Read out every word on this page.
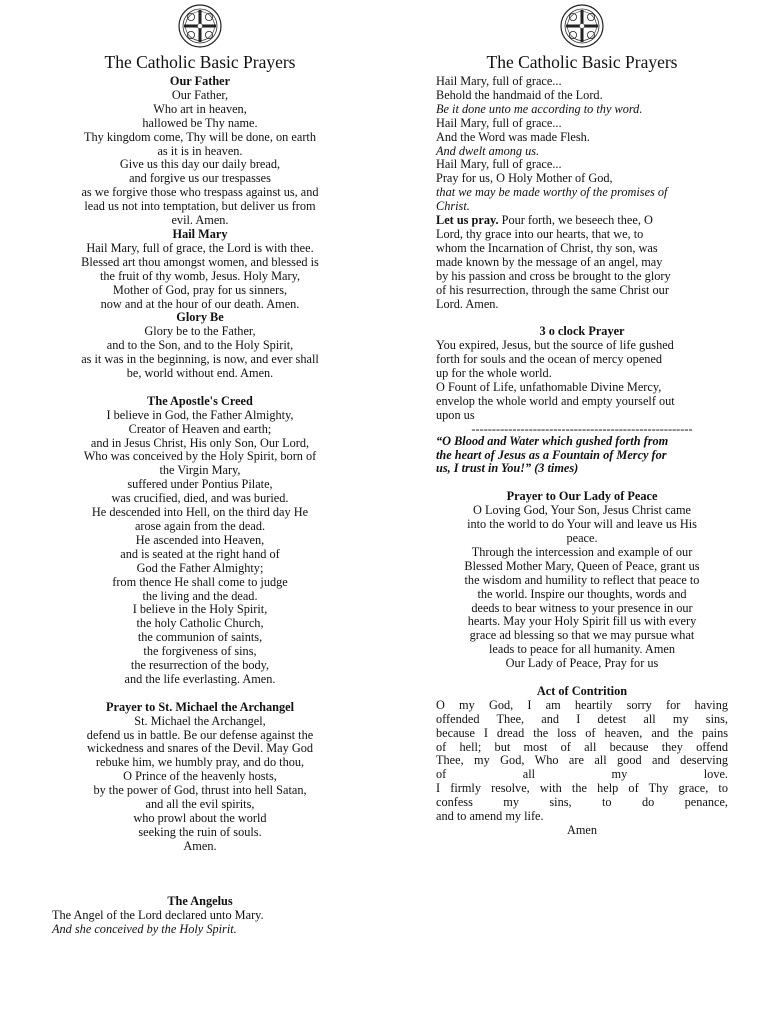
The Catholic Basic Prayers
Our Father
Our Father,
Who art in heaven,
hallowed be Thy name.
Thy kingdom come, Thy will be done, on earth
as it is in heaven.
Give us this day our daily bread,
and forgive us our trespasses
as we forgive those who trespass against us, and
lead us not into temptation, but deliver us from
evil. Amen.
Hail Mary
Hail Mary, full of grace, the Lord is with thee.
Blessed art thou amongst women, and blessed is
the fruit of thy womb, Jesus. Holy Mary,
Mother of God, pray for us sinners,
now and at the hour of our death. Amen.
Glory Be
Glory be to the Father,
and to the Son, and to the Holy Spirit,
as it was in the beginning, is now, and ever shall
be, world without end. Amen.
The Apostle's Creed
I believe in God, the Father Almighty,
Creator of Heaven and earth;
and in Jesus Christ, His only Son, Our Lord,
Who was conceived by the Holy Spirit, born of
the Virgin Mary,
suffered under Pontius Pilate,
was crucified, died, and was buried.
He descended into Hell, on the third day He
arose again from the dead.
He ascended into Heaven,
and is seated at the right hand of
God the Father Almighty;
from thence He shall come to judge
the living and the dead.
I believe in the Holy Spirit,
the holy Catholic Church,
the communion of saints,
the forgiveness of sins,
the resurrection of the body,
and the life everlasting. Amen.
Prayer to St. Michael the Archangel
St. Michael the Archangel,
defend us in battle. Be our defense against the
wickedness and snares of the Devil. May God
rebuke him, we humbly pray, and do thou,
O Prince of the heavenly hosts,
by the power of God, thrust into hell Satan,
and all the evil spirits,
who prowl about the world
seeking the ruin of souls.
Amen.
The Angelus
The Angel of the Lord declared unto Mary.
And she conceived by the Holy Spirit.
The Catholic Basic Prayers
Hail Mary, full of grace...
Behold the handmaid of the Lord.
Be it done unto me according to thy word.
Hail Mary, full of grace...
And the Word was made Flesh.
And dwelt among us.
Hail Mary, full of grace...
Pray for us, O Holy Mother of God,
that we may be made worthy of the promises of
Christ.
Let us pray. Pour forth, we beseech thee, O
Lord, thy grace into our hearts, that we, to
whom the Incarnation of Christ, thy son, was
made known by the message of an angel, may
by his passion and cross be brought to the glory
of his resurrection, through the same Christ our
Lord. Amen.
3 o clock Prayer
You expired, Jesus, but the source of life gushed
forth for souls and the ocean of mercy opened
up for the whole world.
O Fount of Life, unfathomable Divine Mercy,
envelop the whole world and empty yourself out
upon us
------------------------------------------------------
“O Blood and Water which gushed forth from
the heart of Jesus as a Fountain of Mercy for
us, I trust in You!” (3 times)
Prayer to Our Lady of Peace
O Loving God, Your Son, Jesus Christ came
into the world to do Your will and leave us His
peace.
Through the intercession and example of our
Blessed Mother Mary, Queen of Peace, grant us
the wisdom and humility to reflect that peace to
the world. Inspire our thoughts, words and
deeds to bear witness to your presence in our
hearts. May your Holy Spirit fill us with every
grace ad blessing so that we may pursue what
leads to peace for all humanity. Amen
Our Lady of Peace, Pray for us
Act of Contrition
O my God, I am heartily sorry for having
offended Thee, and I detest all my sins,
because I dread the loss of heaven, and the pains
of hell; but most of all because they offend
Thee, my God, Who are all good and deserving
of all my love.
I firmly resolve, with the help of Thy grace, to
confess my sins, to do penance,
and to amend my life.
Amen
